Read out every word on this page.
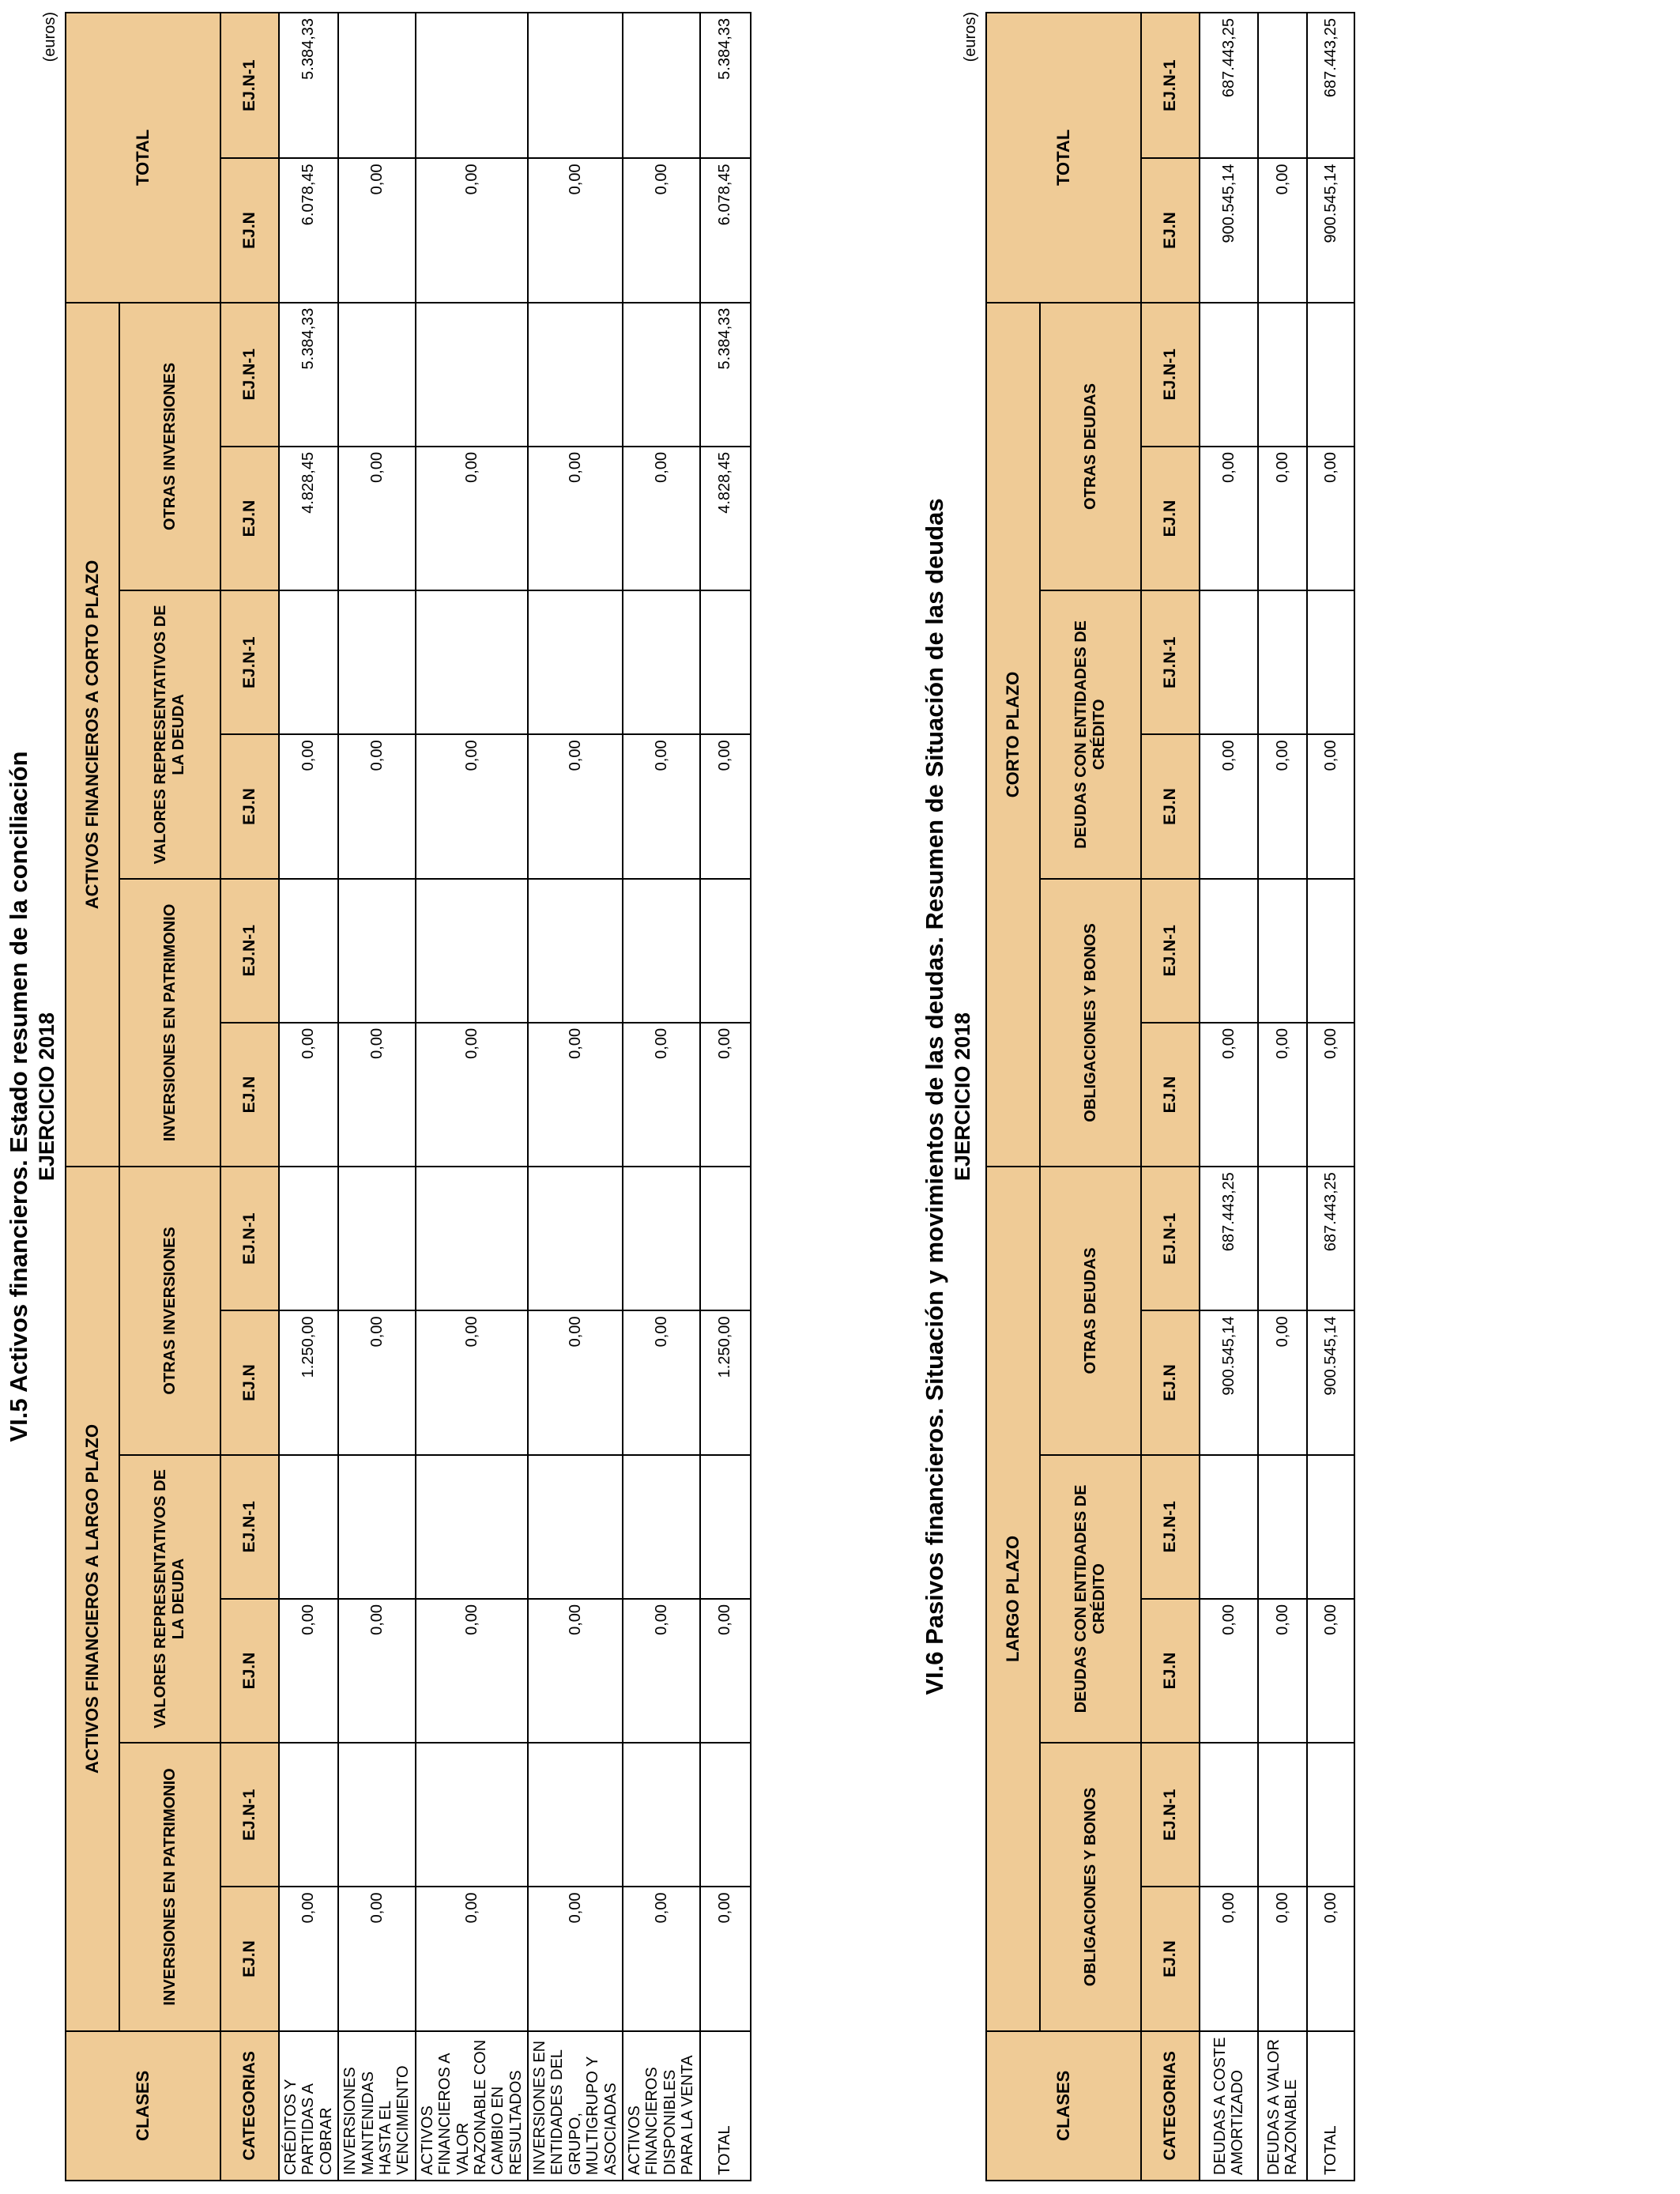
VI.5 Activos financieros. Estado resumen de la conciliación EJERCICIO 2018
(euros)
CLASES	ACTIVOS FINANCIEROS A LARGO PLAZO						ACTIVOS FINANCIEROS A CORTO PLAZO						TOTAL	
	INVERSIONES EN PATRIMONIO		VALORES REPRESENTATIVOS DE LA DEUDA		OTRAS INVERSIONES		INVERSIONES EN PATRIMONIO		VALORES REPRESENTATIVOS DE LA DEUDA		OTRAS INVERSIONES			
CATEGORIAS	EJ.N	EJ.N-1	EJ.N	EJ.N-1	EJ.N	EJ.N-1	EJ.N	EJ.N-1	EJ.N	EJ.N-1	EJ.N	EJ.N-1	EJ.N	EJ.N-1
CRÉDITOS Y PARTIDAS A COBRAR	0,00		0,00		1.250,00		0,00		0,00		4.828,45	5.384,33	6.078,45	5.384,33
INVERSIONES MANTENIDAS HASTA EL VENCIMIENTO	0,00		0,00		0,00		0,00		0,00		0,00		0,00	
ACTIVOS FINANCIEROS A VALOR RAZONABLE CON CAMBIO EN RESULTADOS	0,00		0,00		0,00		0,00		0,00		0,00		0,00	
INVERSIONES EN ENTIDADES DEL GRUPO, MULTIGRUPO Y ASOCIADAS	0,00		0,00		0,00		0,00		0,00		0,00		0,00	
ACTIVOS FINANCIEROS DISPONIBLES PARA LA VENTA	0,00		0,00		0,00		0,00		0,00		0,00		0,00	
TOTAL	0,00		0,00		1.250,00		0,00		0,00		4.828,45	5.384,33	6.078,45	5.384,33
VI.6 Pasivos financieros. Situación y movimientos de las deudas. Resumen de Situación de las deudas EJERCICIO 2018
(euros)
CLASES	LARGO PLAZO						CORTO PLAZO						TOTAL	
	OBLIGACIONES Y BONOS		DEUDAS CON ENTIDADES DE CRÉDITO		OTRAS DEUDAS		OBLIGACIONES Y BONOS		DEUDAS CON ENTIDADES DE CRÉDITO		OTRAS DEUDAS			
CATEGORIAS	EJ.N	EJ.N-1	EJ.N	EJ.N-1	EJ.N	EJ.N-1	EJ.N	EJ.N-1	EJ.N	EJ.N-1	EJ.N	EJ.N-1	EJ.N	EJ.N-1
DEUDAS A COSTE AMORTIZADO	0,00		0,00		900.545,14	687.443,25	0,00		0,00		0,00		900.545,14	687.443,25
DEUDAS A VALOR RAZONABLE	0,00		0,00		0,00		0,00		0,00		0,00		0,00	
TOTAL	0,00		0,00		900.545,14	687.443,25	0,00		0,00		0,00		900.545,14	687.443,25
